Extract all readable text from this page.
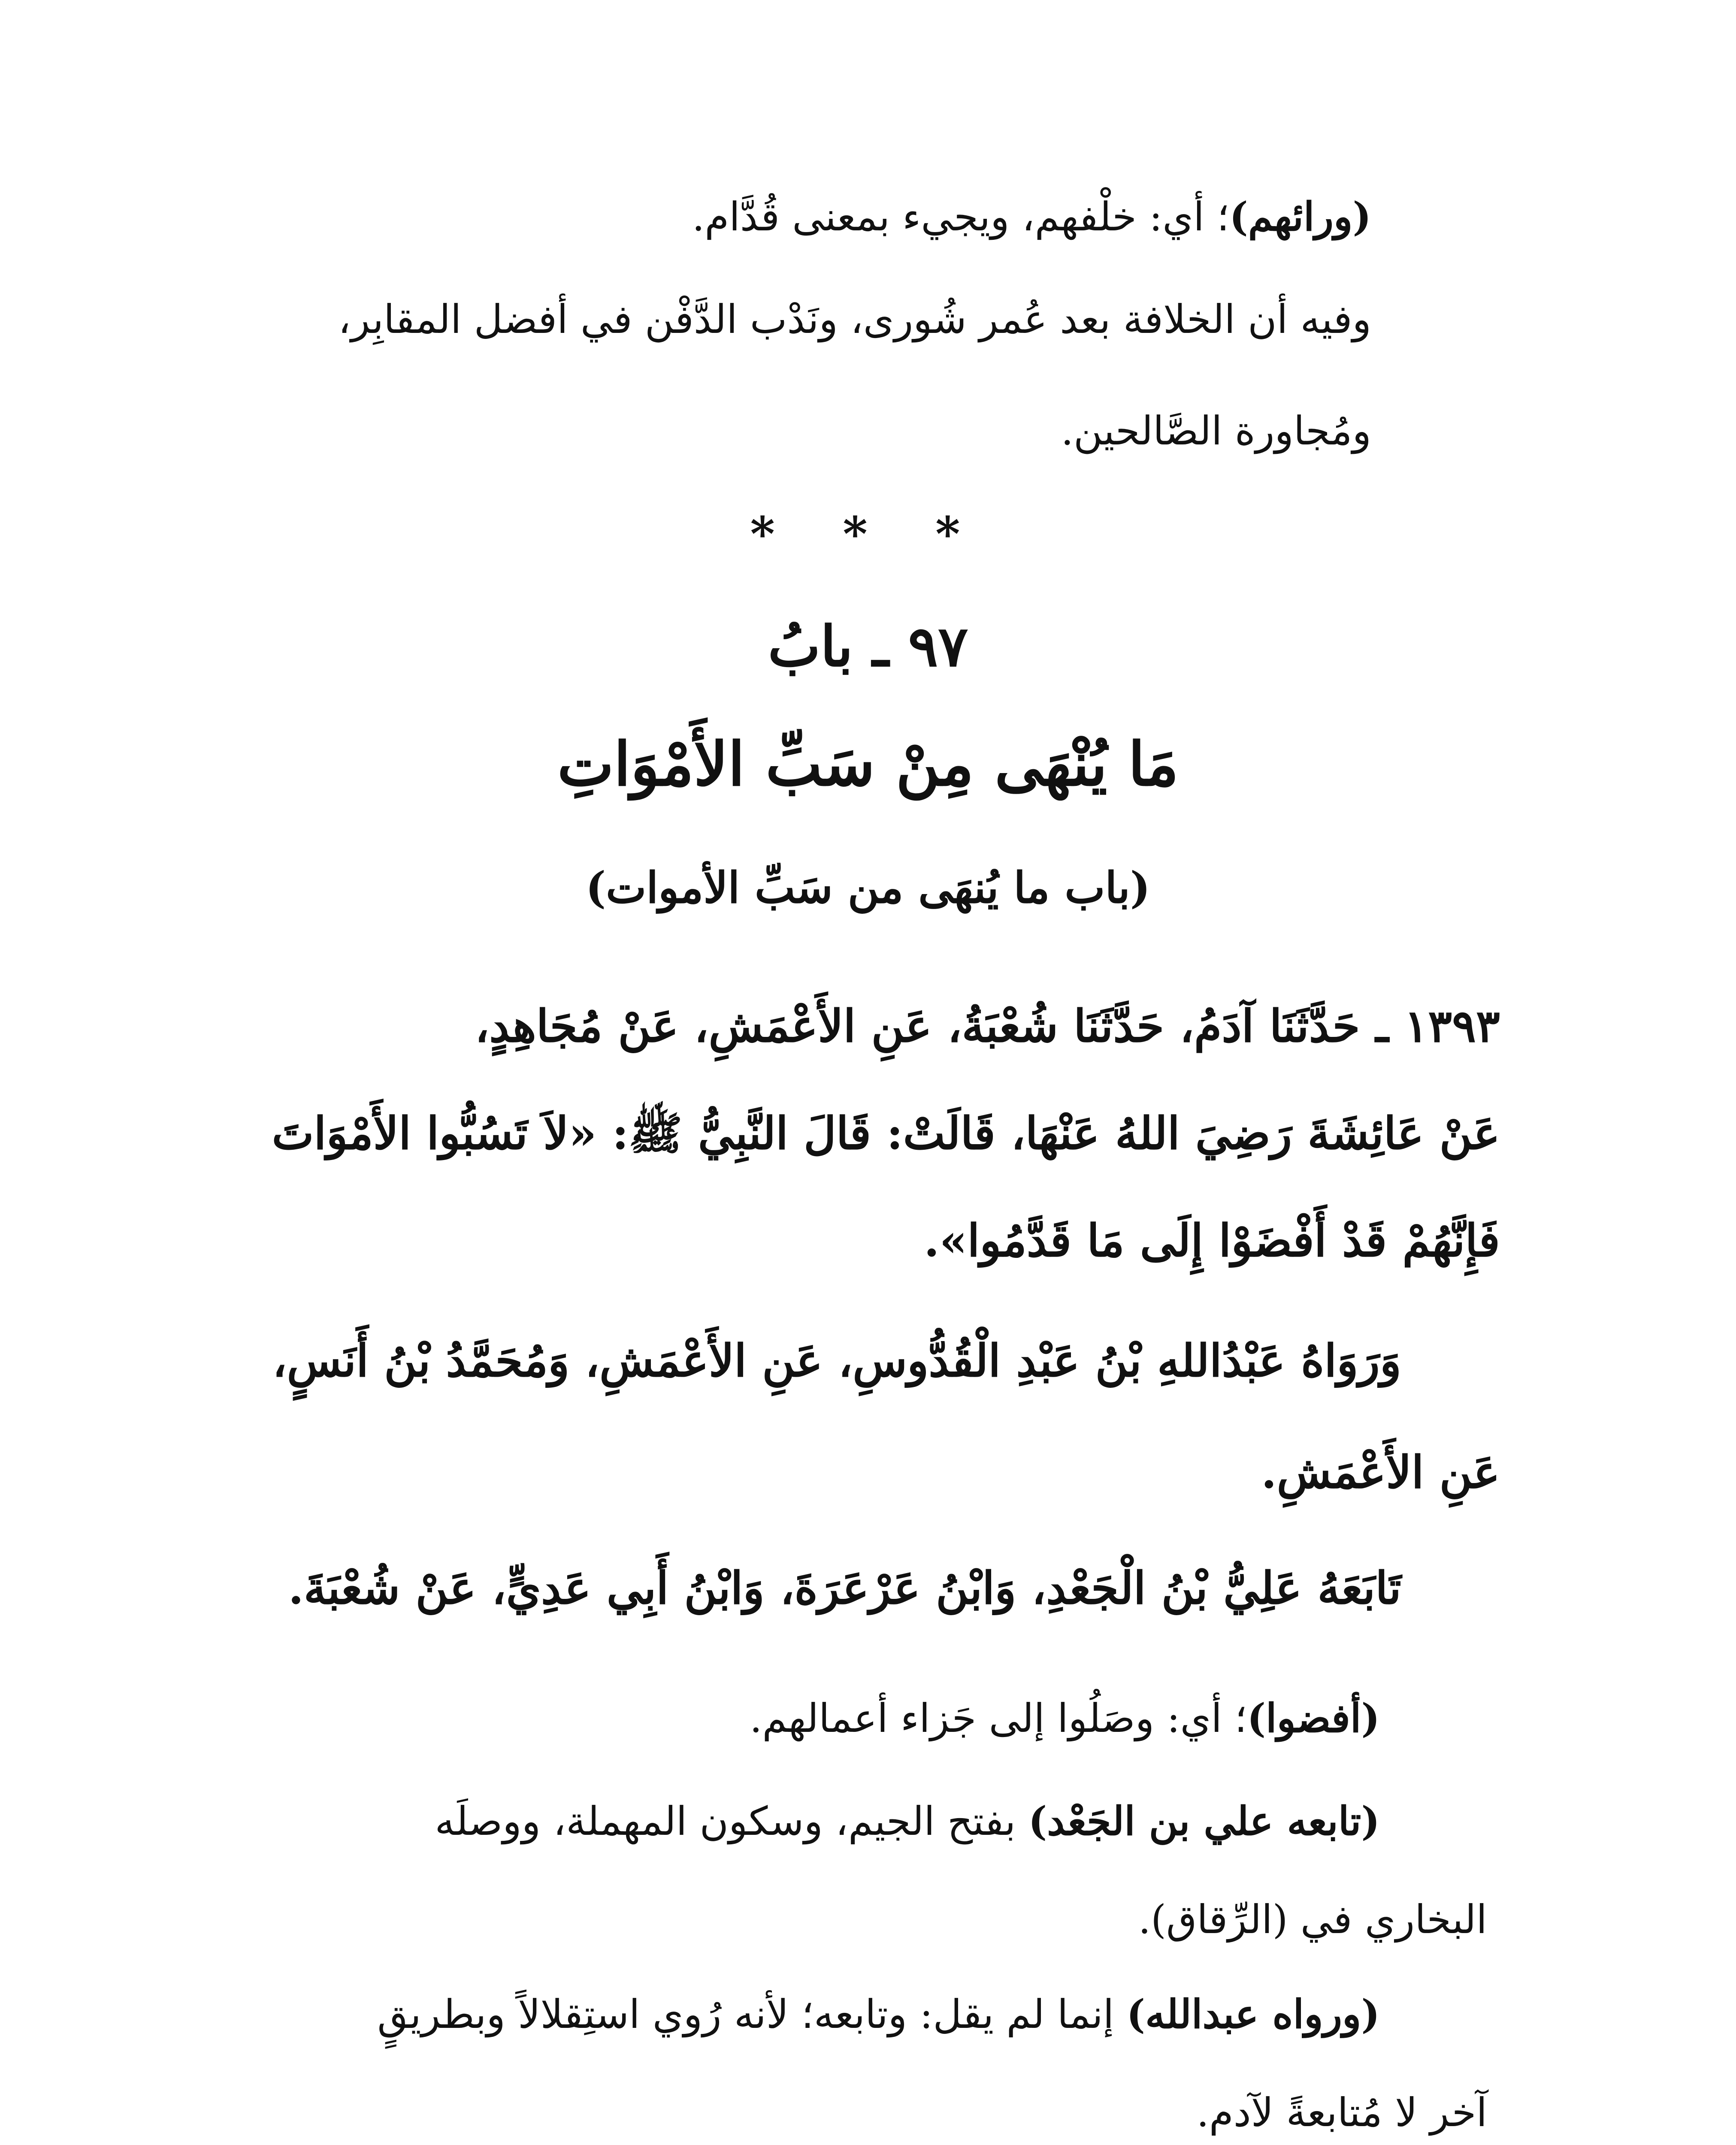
(ورائهم)؛ أي: خلْفهم، ويجيء بمعنى قُدَّام.
وفيه أن الخلافة بعد عُمر شُورى، ونَدْب الدَّفْن في أفضل المقابِر،
ومُجاورة الصَّالحين.
* * *
٩٧ ـ بابُ
مَا يُنْهَى مِنْ سَبِّ الأَمْوَاتِ
(باب ما يُنهَى من سَبِّ الأموات)
١٣٩٣ ـ حَدَّثَنَا آدَمُ، حَدَّثَنَا شُعْبَةُ، عَنِ الأَعْمَشِ، عَنْ مُجَاهِدٍ،
عَنْ عَائِشَةَ رَضِيَ اللهُ عَنْهَا، قَالَتْ: قَالَ النَّبِيُّ ﷺ: «لاَ تَسُبُّوا الأَمْوَاتَ
فَإِنَّهُمْ قَدْ أَفْضَوْا إِلَى مَا قَدَّمُوا».
وَرَوَاهُ عَبْدُاللهِ بْنُ عَبْدِ الْقُدُّوسِ، عَنِ الأَعْمَشِ، وَمُحَمَّدُ بْنُ أَنَسٍ،
عَنِ الأَعْمَشِ.
تَابَعَهُ عَلِيُّ بْنُ الْجَعْدِ، وَابْنُ عَرْعَرَةَ، وَابْنُ أَبِي عَدِيٍّ، عَنْ شُعْبَةَ.
(أفضوا)؛ أي: وصَلُوا إلى جَزاء أعمالهم.
(تابعه علي بن الجَعْد) بفتح الجيم، وسكون المهملة، ووصلَه
البخاري في (الرِّقاق).
(ورواه عبدالله) إنما لم يقل: وتابعه؛ لأنه رُوي استِقلالاً وبطريقٍ
آخر لا مُتابعةً لآدم.
